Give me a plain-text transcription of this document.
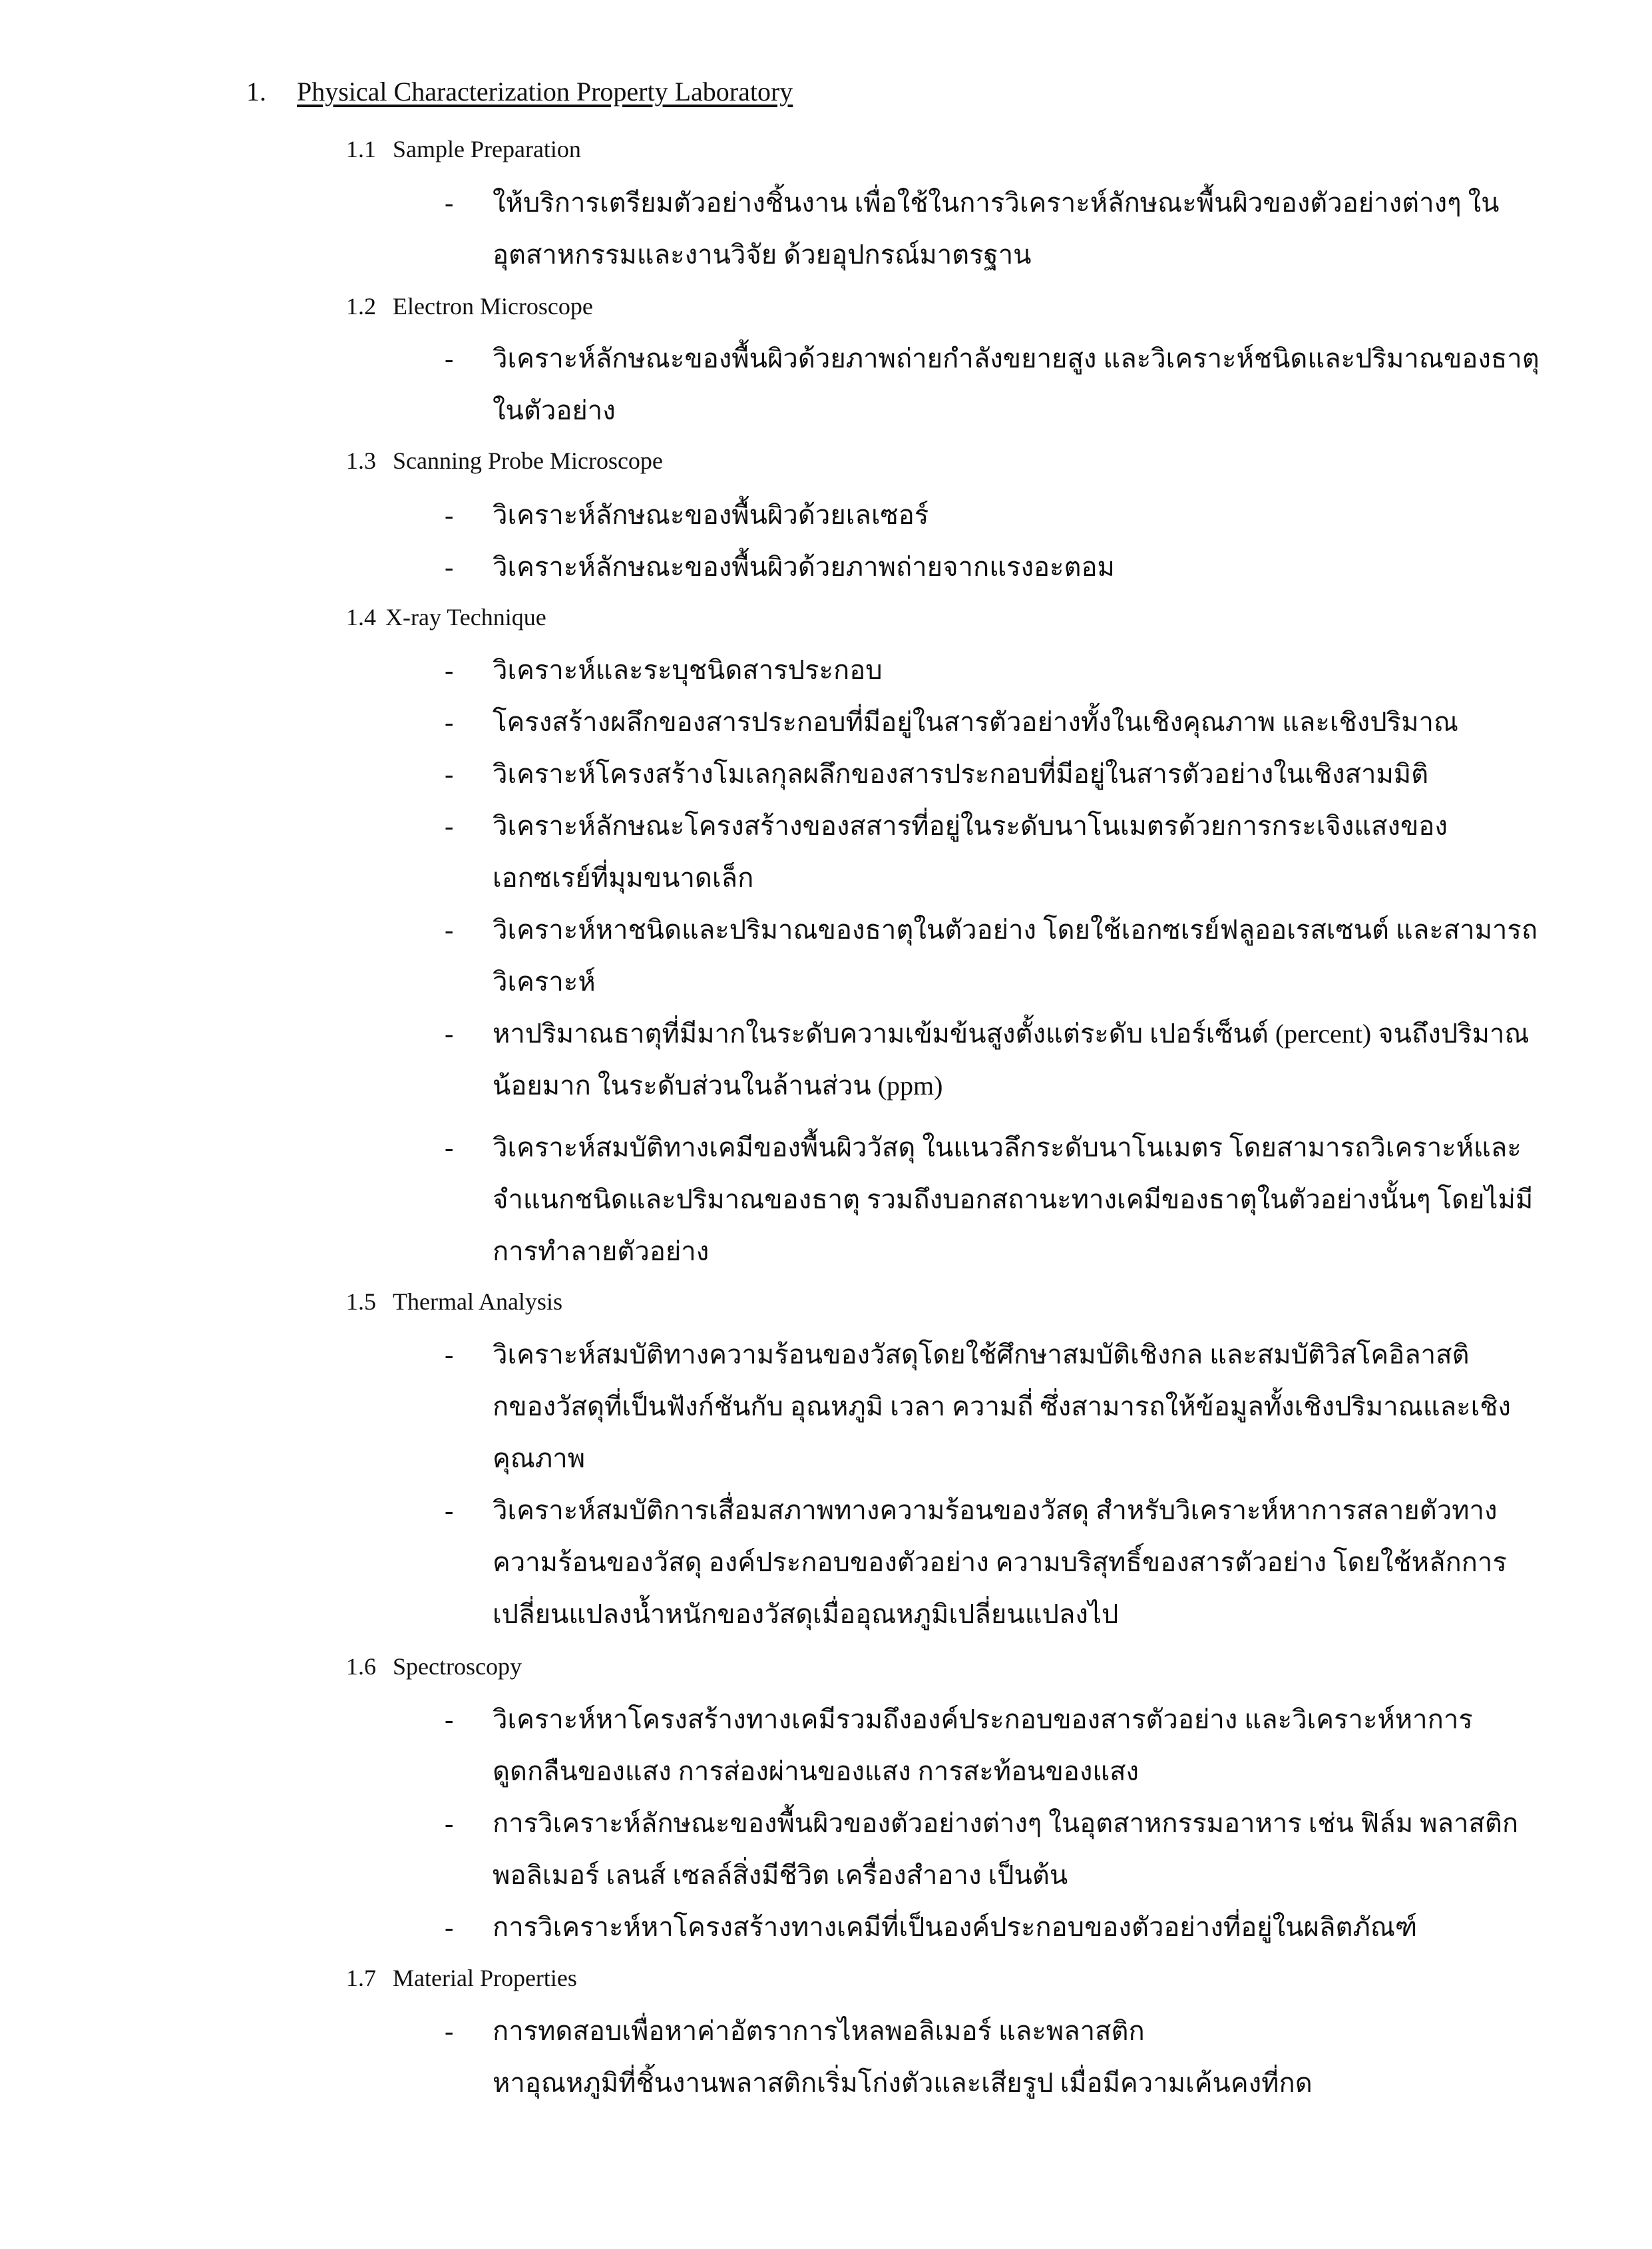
1. Physical Characterization Property Laboratory
1.1 Sample Preparation
- ให้บริการเตรียมตัวอย่างชิ้นงาน เพื่อใช้ในการวิเคราะห์ลักษณะพื้นผิวของตัวอย่างต่างๆ ใน
อุตสาหกรรมและงานวิจัย ด้วยอุปกรณ์มาตรฐาน
1.2 Electron Microscope
- วิเคราะห์ลักษณะของพื้นผิวด้วยภาพถ่ายกำลังขยายสูง และวิเคราะห์ชนิดและปริมาณของธาตุ
ในตัวอย่าง
1.3 Scanning Probe Microscope
- วิเคราะห์ลักษณะของพื้นผิวด้วยเลเซอร์
- วิเคราะห์ลักษณะของพื้นผิวด้วยภาพถ่ายจากแรงอะตอม
1.4 X-ray Technique
- วิเคราะห์และระบุชนิดสารประกอบ
- โครงสร้างผลึกของสารประกอบที่มีอยู่ในสารตัวอย่างทั้งในเชิงคุณภาพ และเชิงปริมาณ
- วิเคราะห์โครงสร้างโมเลกุลผลึกของสารประกอบที่มีอยู่ในสารตัวอย่างในเชิงสามมิติ
- วิเคราะห์ลักษณะโครงสร้างของสสารที่อยู่ในระดับนาโนเมตรด้วยการกระเจิงแสงของ
เอกซเรย์ที่มุมขนาดเล็ก
- วิเคราะห์หาชนิดและปริมาณของธาตุในตัวอย่าง โดยใช้เอกซเรย์ฟลูออเรสเซนต์ และสามารถ
วิเคราะห์
- หาปริมาณธาตุที่มีมากในระดับความเข้มข้นสูงตั้งแต่ระดับ เปอร์เซ็นต์ (percent) จนถึงปริมาณ
น้อยมาก ในระดับส่วนในล้านส่วน (ppm)
- วิเคราะห์สมบัติทางเคมีของพื้นผิววัสดุ ในแนวลึกระดับนาโนเมตร โดยสามารถวิเคราะห์และ
จำแนกชนิดและปริมาณของธาตุ รวมถึงบอกสถานะทางเคมีของธาตุในตัวอย่างนั้นๆ โดยไม่มี
การทำลายตัวอย่าง
1.5 Thermal Analysis
- วิเคราะห์สมบัติทางความร้อนของวัสดุโดยใช้ศึกษาสมบัติเชิงกล และสมบัติวิสโคอิลาสติ
กของวัสดุที่เป็นฟังก์ชันกับ อุณหภูมิ เวลา ความถี่ ซึ่งสามารถให้ข้อมูลทั้งเชิงปริมาณและเชิง
คุณภาพ
- วิเคราะห์สมบัติการเสื่อมสภาพทางความร้อนของวัสดุ สำหรับวิเคราะห์หาการสลายตัวทาง
ความร้อนของวัสดุ องค์ประกอบของตัวอย่าง ความบริสุทธิ์ของสารตัวอย่าง โดยใช้หลักการ
เปลี่ยนแปลงน้ำหนักของวัสดุเมื่ออุณหภูมิเปลี่ยนแปลงไป
1.6 Spectroscopy
- วิเคราะห์หาโครงสร้างทางเคมีรวมถึงองค์ประกอบของสารตัวอย่าง และวิเคราะห์หาการ
ดูดกลืนของแสง การส่องผ่านของแสง การสะท้อนของแสง
- การวิเคราะห์ลักษณะของพื้นผิวของตัวอย่างต่างๆ ในอุตสาหกรรมอาหาร เช่น ฟิล์ม พลาสติก
พอลิเมอร์ เลนส์ เซลล์สิ่งมีชีวิต เครื่องสำอาง เป็นต้น
- การวิเคราะห์หาโครงสร้างทางเคมีที่เป็นองค์ประกอบของตัวอย่างที่อยู่ในผลิตภัณฑ์
1.7 Material Properties
- การทดสอบเพื่อหาค่าอัตราการไหลพอลิเมอร์ และพลาสติก
หาอุณหภูมิที่ชิ้นงานพลาสติกเริ่มโก่งตัวและเสียรูป เมื่อมีความเค้นคงที่กด
